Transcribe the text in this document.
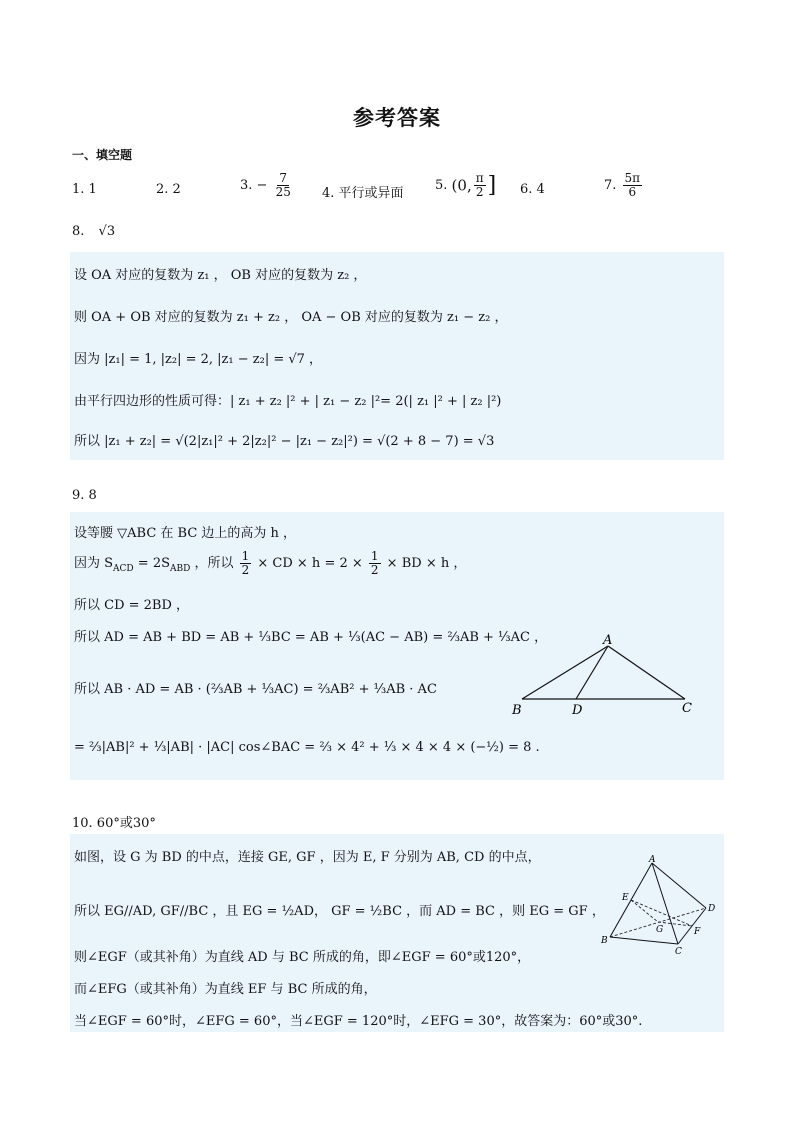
参考答案
一、填空题
1. 1	2. 2	3. − $\frac{7}{25} 4$. 平行或异面
5. (0, $\frac{\pi}{2}$ ] 6. 4	7. $\frac{5\pi}{6}$
8. √3
设 OA 对应的复数为 z₁ ， OB 对应的复数为 z₂ ，
则 OA + OB 对应的复数为 z₁ + z₂ ， OA − OB 对应的复数为 z₁ − z₂ ，
因为 |z₁| = 1, |z₂| = 2, |z₁ − z₂| = √7 ，
由平行四边形的性质可得：| z₁ + z₂ |² + | z₁ − z₂ |²= 2(| z₁ |² + | z₂ |²)
所以 |z₁ + z₂| = √(2|z₁|² + 2|z₂|² − |z₁ − z₂|²) = √(2 + 8 − 7) = √3
9. 8
设等腰 ▽ABC 在 BC 边上的高为 h ，
因为 $S_{ACD} = 2S_{ABD}$ ，所以 $\frac{1}{2}$ × CD × $h = 2 \times \frac{1}{2}$ × BD × h ，
所以 CD = 2BD ，
所以 AD = AB + BD = AB + ⅓BC = AB + ⅓(AC − AB) = ⅔AB + ⅓AC ，
所以 AB · AD = AB · (⅔AB + ⅓AC) = ⅔AB² + ⅓AB · AC
= ⅔|AB|² + ⅓|AB| · |AC| cos∠BAC = ⅔ × 4² + ⅓ × 4 × 4 × (−½) = 8 .
A
B	D	C
10. 60°或30°
如图，设 G 为 BD 的中点，连接 GE, GF ，因为 E, F 分别为 AB, CD 的中点，
所以 EG//AD, GF//BC ，且 EG = ½AD， GF = ½BC ，而 AD = BC ，则 EG = GF ，
则∠EGF（或其补角）为直线 AD 与 BC 所成的角，即∠EGF = 60°或120°，
而∠EFG（或其补角）为直线 EF 与 BC 所成的角，
当∠EGF = 60°时，∠EFG = 60°，当∠EGF = 120°时，∠EFG = 30°，故答案为：60°或30°.
A
B
C
D
E
F
G
